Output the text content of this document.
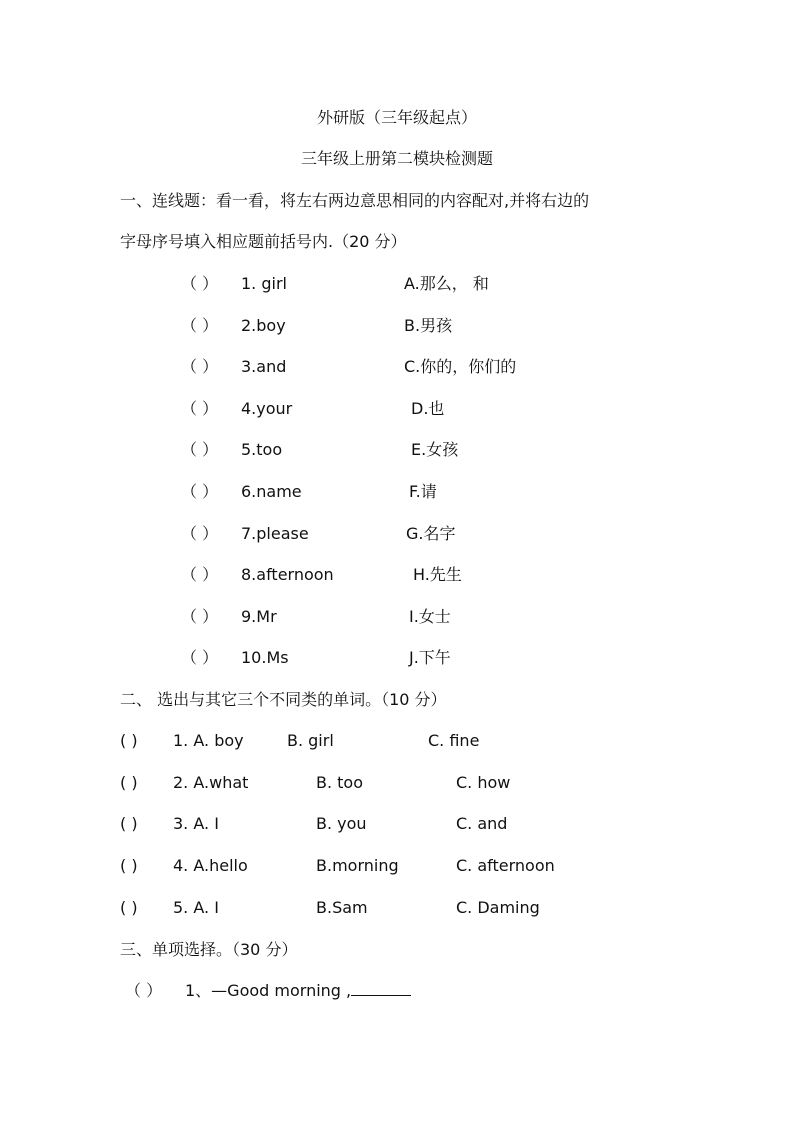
外研版（三年级起点）
三年级上册第二模块检测题
一、连线题：看一看，将左右两边意思相同的内容配对,并将右边的
字母序号填入相应题前括号内.（20 分）
（ ） 1. girl	A.那么， 和
（ ） 2.boy	B.男孩
（ ） 3.and	C.你的，你们的
（ ） 4.your	D.也
（ ） 5.too	E.女孩
（ ） 6.name	F.请
（ ） 7.please	G.名字
（ ） 8.afternoon	H.先生
（ ） 9.Mr	I.女士
（ ） 10.Ms	J.下午
二、 选出与其它三个不同类的单词。（10 分）
( ) 1. A. boy	B. girl	C. fine
( ) 2. A.what	B. too	C. how
( ) 3. A. I	B. you	C. and
( ) 4. A.hello	B.morning	C. afternoon
( ) 5. A. I	B.Sam	C. Daming
三、单项选择。（30 分）
（ ） 1、—Good morning ,
